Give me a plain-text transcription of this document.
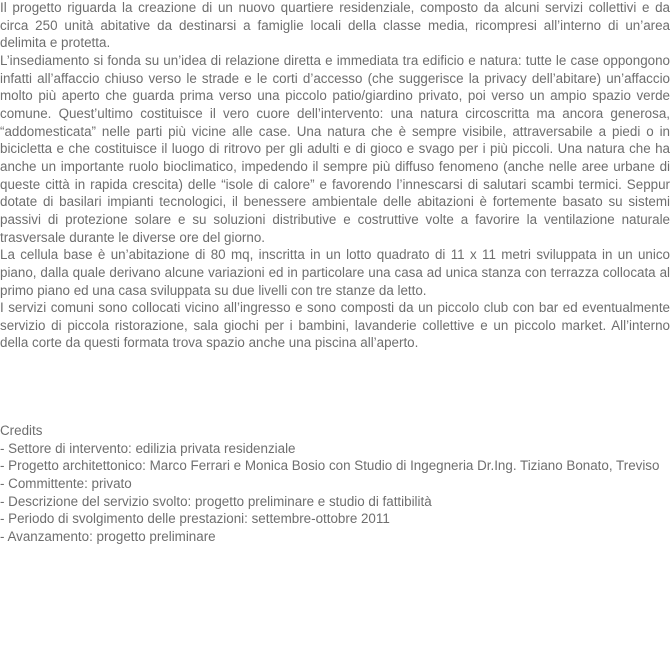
Il progetto riguarda la creazione di un nuovo quartiere residenziale, composto da alcuni servizi collettivi e da circa 250 unità abitative da destinarsi a famiglie locali della classe media, ricompresi all’interno di un’area delimita e protetta.

L’insediamento si fonda su un’idea di relazione diretta e immediata tra edificio e natura: tutte le case oppongono infatti all’affaccio chiuso verso le strade e le corti d’accesso (che suggerisce la privacy dell’abitare) un’affaccio molto più aperto che guarda prima verso una piccolo patio/giardino privato, poi verso un ampio spazio verde comune. Quest’ultimo costituisce il vero cuore dell’intervento: una natura circoscritta ma ancora generosa, “addomesticata” nelle parti più vicine alle case. Una natura che è sempre visibile, attraversabile a piedi o in bicicletta e che costituisce il luogo di ritrovo per gli adulti e di gioco e svago per i più piccoli. Una natura che ha anche un importante ruolo bioclimatico, impedendo il sempre più diffuso fenomeno (anche nelle aree urbane di queste città in rapida crescita) delle “isole di calore” e favorendo l’innescarsi di salutari scambi termici. Seppur dotate di basilari impianti tecnologici, il benessere ambientale delle abitazioni è fortemente basato su sistemi passivi di protezione solare e su soluzioni distributive e costruttive volte a favorire la ventilazione naturale trasversale durante le diverse ore del giorno.

La cellula base è un’abitazione di 80 mq, inscritta in un lotto quadrato di 11 x 11 metri sviluppata in un unico piano, dalla quale derivano alcune variazioni ed in particolare una casa ad unica stanza con terrazza collocata al primo piano ed una casa sviluppata su due livelli con tre stanze da letto.

I servizi comuni sono collocati vicino all’ingresso e sono composti da un piccolo club con bar ed eventualmente servizio di piccola ristorazione, sala giochi per i bambini, lavanderie collettive e un piccolo market. All’interno della corte da questi formata trova spazio anche una piscina all’aperto.

Credits

- Settore di intervento: edilizia privata residenziale
- Progetto architettonico: Marco Ferrari e Monica Bosio con Studio di Ingegneria Dr.Ing. Tiziano Bonato, Treviso
- Committente: privato
- Descrizione del servizio svolto: progetto preliminare e studio di fattibilità
- Periodo di svolgimento delle prestazioni: settembre-ottobre 2011
- Avanzamento: progetto preliminare
